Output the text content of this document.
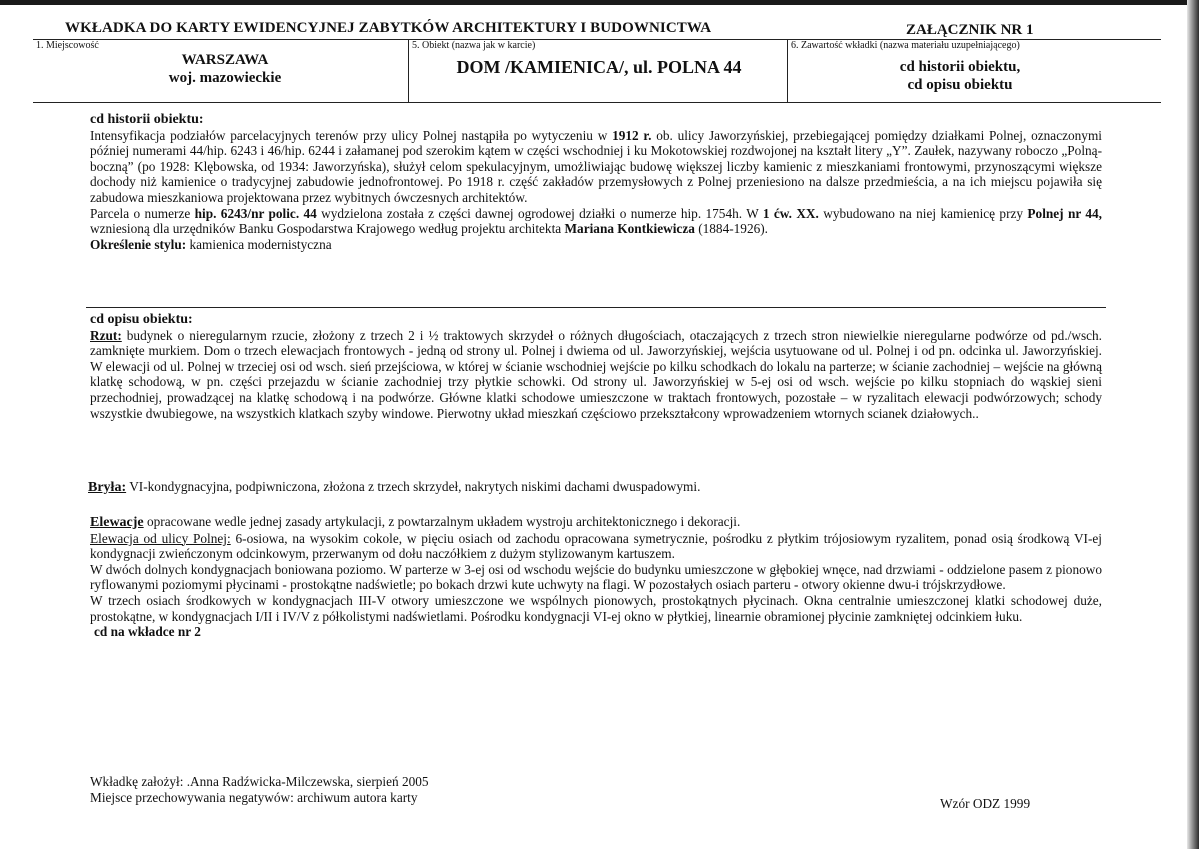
WKŁADKA DO KARTY EWIDENCYJNEJ ZABYTKÓW ARCHITEKTURY I BUDOWNICTWA	ZAŁĄCZNIK NR 1
1. Miejscowość
WARSZAWA
woj. mazowieckie
5. Obiekt (nazwa jak w karcie)
DOM /KAMIENICA/, ul. POLNA 44
6. Zawartość wkładki (nazwa materiału uzupełniającego)
cd historii obiektu,
cd opisu obiektu
cd historii obiektu:

Intensyfikacja podziałów parcelacyjnych terenów przy ulicy Polnej nastąpiła po wytyczeniu w 1912 r. ob. ulicy Jaworzyńskiej, przebiegającej pomiędzy działkami Polnej, oznaczonymi później numerami 44/hip. 6243 i 46/hip. 6244 i załamanej pod szerokim kątem w części wschodniej i ku Mokotowskiej rozdwojonej na kształt litery „Y”. Zaułek, nazywany roboczo „Polną-boczną” (po 1928: Klębowska, od 1934: Jaworzyńska), służył celom spekulacyjnym, umożliwiając budowę większej liczby kamienic z mieszkaniami frontowymi, przynoszącymi większe dochody niż kamienice o tradycyjnej zabudowie jednofrontowej. Po 1918 r. część zakładów przemysłowych z Polnej przeniesiono na dalsze przedmieścia, a na ich miejscu pojawiła się zabudowa mieszkaniowa projektowana przez wybitnych ówczesnych architektów.

Parcela o numerze hip. 6243/nr polic. 44 wydzielona została z części dawnej ogrodowej działki o numerze hip. 1754h. W 1 ćw. XX. wybudowano na niej kamienicę przy Polnej nr 44, wzniesioną dla urzędników Banku Gospodarstwa Krajowego według projektu architekta Mariana Kontkiewicza (1884-1926).

Określenie stylu: kamienica modernistyczna

cd opisu obiektu:

Rzut: budynek o nieregularnym rzucie, złożony z trzech 2 i ½ traktowych skrzydeł o różnych długościach, otaczających z trzech stron niewielkie nieregularne podwórze od pd./wsch. zamknięte murkiem. Dom o trzech elewacjach frontowych - jedną od strony ul. Polnej i dwiema od ul. Jaworzyńskiej, wejścia usytuowane od ul. Polnej i od pn. odcinka ul. Jaworzyńskiej. W elewacji od ul. Polnej w trzeciej osi od wsch. sień przejściowa, w której w ścianie wschodniej wejście po kilku schodkach do lokalu na parterze; w ścianie zachodniej – wejście na główną klatkę schodową, w pn. części przejazdu w ścianie zachodniej trzy płytkie schowki. Od strony ul. Jaworzyńskiej w 5-ej osi od wsch. wejście po kilku stopniach do wąskiej sieni przechodniej, prowadzącej na klatkę schodową i na podwórze. Główne klatki schodowe umieszczone w traktach frontowych, pozostałe – w ryzalitach elewacji podwórzowych; schody wszystkie dwubiegowe, na wszystkich klatkach szyby windowe. Pierwotny układ mieszkań częściowo przekształcony wprowadzeniem wtornych scianek działowych..

Bryła: VI-kondygnacyjna, podpiwniczona, złożona z trzech skrzydeł, nakrytych niskimi dachami dwuspadowymi.

Elewacje opracowane wedle jednej zasady artykulacji, z powtarzalnym układem wystroju architektonicznego i dekoracji.

Elewacja od ulicy Polnej: 6-osiowa, na wysokim cokole, w pięciu osiach od zachodu opracowana symetrycznie, pośrodku z płytkim trójosiowym ryzalitem, ponad osią środkową VI-ej kondygnacji zwieńczonym odcinkowym, przerwanym od dołu naczółkiem z dużym stylizowanym kartuszem.

W dwóch dolnych kondygnacjach boniowana poziomo. W parterze w 3-ej osi od wschodu wejście do budynku umieszczone w głębokiej wnęce, nad drzwiami - oddzielone pasem z pionowo ryflowanymi poziomymi płycinami - prostokątne nadświetle; po bokach drzwi kute uchwyty na flagi. W pozostałych osiach parteru - otwory okienne dwu-i trójskrzydłowe.

W trzech osiach środkowych w kondygnacjach III-V otwory umieszczone we wspólnych pionowych, prostokątnych płycinach. Okna centralnie umieszczonej klatki schodowej duże, prostokątne, w kondygnacjach I/II i IV/V z półkolistymi nadświetlami. Pośrodku kondygnacji VI-ej okno w płytkiej, linearnie obramionej płycinie zamkniętej odcinkiem łuku.

cd na wkładce nr 2

Wkładkę założył: .Anna Radźwicka-Milczewska, sierpień 2005
Miejsce przechowywania negatywów: archiwum autora karty	Wzór ODZ 1999
